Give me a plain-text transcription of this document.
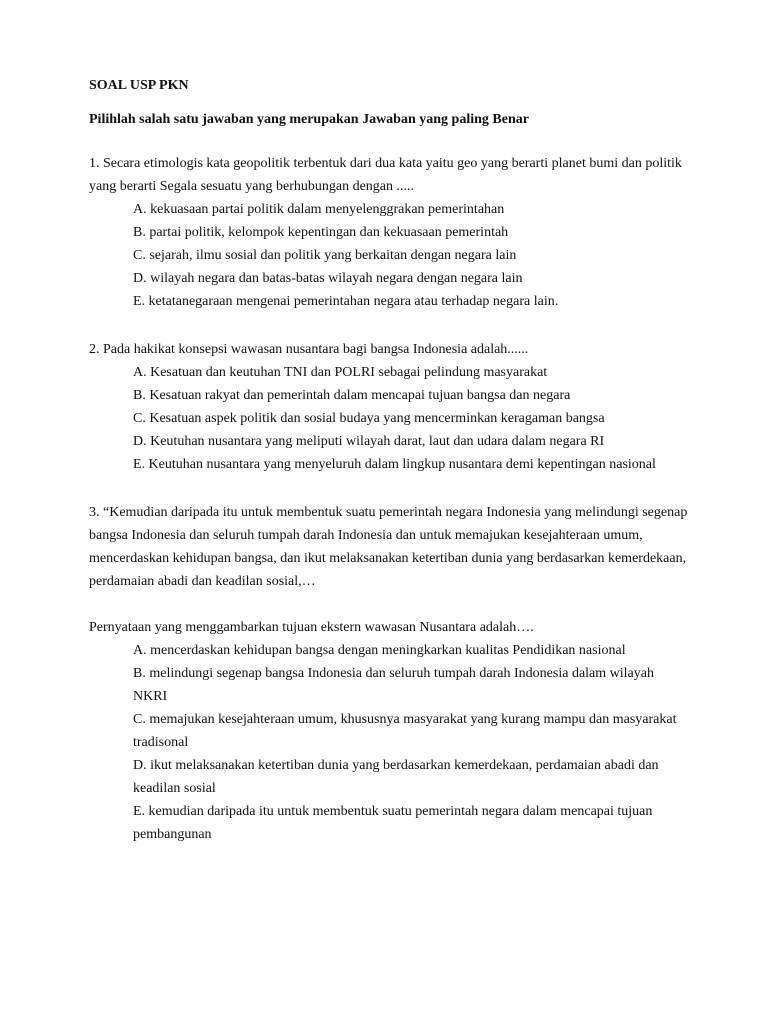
SOAL USP PKN

Pilihlah salah satu jawaban yang merupakan Jawaban yang paling Benar

1. Secara etimologis kata geopolitik terbentuk dari dua kata yaitu geo yang berarti planet bumi dan politik yang berarti Segala sesuatu yang berhubungan dengan .....

A. kekuasaan partai politik dalam menyelenggrakan pemerintahan
B. partai politik, kelompok kepentingan dan kekuasaan pemerintah
C. sejarah, ilmu sosial dan politik yang berkaitan dengan negara lain
D. wilayah negara dan batas-batas wilayah negara dengan negara lain
E. ketatanegaraan mengenai pemerintahan negara atau terhadap negara lain.

2. Pada hakikat konsepsi wawasan nusantara bagi bangsa Indonesia adalah......

A. Kesatuan dan keutuhan TNI dan POLRI sebagai pelindung masyarakat
B. Kesatuan rakyat dan pemerintah dalam mencapai tujuan bangsa dan negara
C. Kesatuan aspek politik dan sosial budaya yang mencerminkan keragaman bangsa
D. Keutuhan nusantara yang meliputi wilayah darat, laut dan udara dalam negara RI
E. Keutuhan nusantara yang menyeluruh dalam lingkup nusantara demi kepentingan nasional

3. “Kemudian daripada itu untuk membentuk suatu pemerintah negara Indonesia yang melindungi segenap bangsa Indonesia dan seluruh tumpah darah Indonesia dan untuk memajukan kesejahteraan umum, mencerdaskan kehidupan bangsa, dan ikut melaksanakan ketertiban dunia yang berdasarkan kemerdekaan, perdamaian abadi dan keadilan sosial,…

Pernyataan yang menggambarkan tujuan ekstern wawasan Nusantara adalah….

A. mencerdaskan kehidupan bangsa dengan meningkarkan kualitas Pendidikan nasional
B. melindungi segenap bangsa Indonesia dan seluruh tumpah darah Indonesia dalam wilayah NKRI
C. memajukan kesejahteraan umum, khususnya masyarakat yang kurang mampu dan masyarakat tradisonal
D. ikut melaksanakan ketertiban dunia yang berdasarkan kemerdekaan, perdamaian abadi dan keadilan sosial
E. kemudian daripada itu untuk membentuk suatu pemerintah negara dalam mencapai tujuan pembangunan
